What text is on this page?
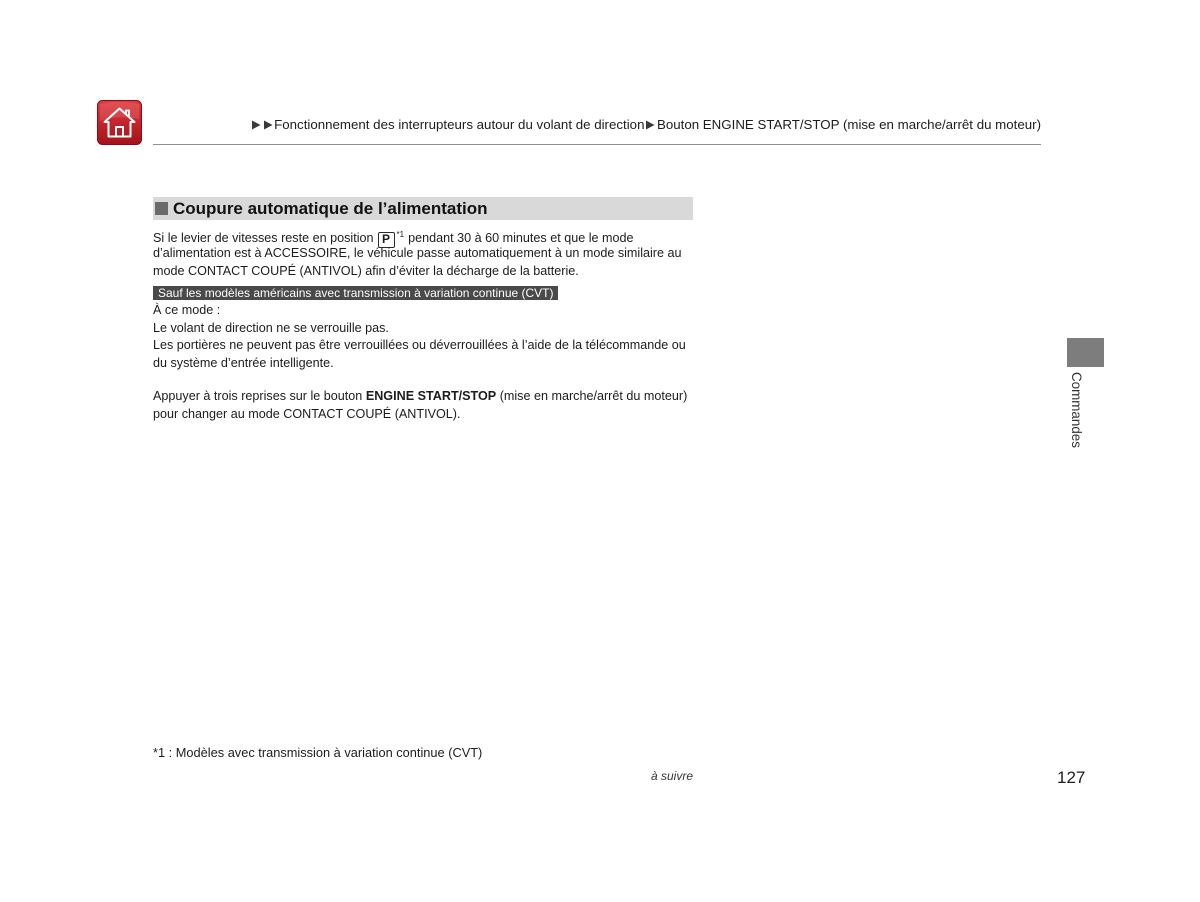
Fonctionnement des interrupteurs autour du volant de direction Bouton ENGINE START/STOP (mise en marche/arrêt du moteur)
Coupure automatique de l’alimentation
Si le levier de vitesses reste en position P $^{*1}$ pendant 30 à 60 minutes et que le mode
d’alimentation est à ACCESSOIRE, le véhicule passe automatiquement à un mode similaire au
mode CONTACT COUPÉ (ANTIVOL) afin d’éviter la décharge de la batterie.
Sauf les modèles américains avec transmission à variation continue (CVT)
À ce mode :
Le volant de direction ne se verrouille pas.
Les portières ne peuvent pas être verrouillées ou déverrouillées à l’aide de la télécommande ou
du système d’entrée intelligente.
Appuyer à trois reprises sur le bouton ENGINE START/STOP (mise en marche/arrêt du moteur)
pour changer au mode CONTACT COUPÉ (ANTIVOL).
*1 : Modèles avec transmission à variation continue (CVT)
à suivre	127
Commandes
